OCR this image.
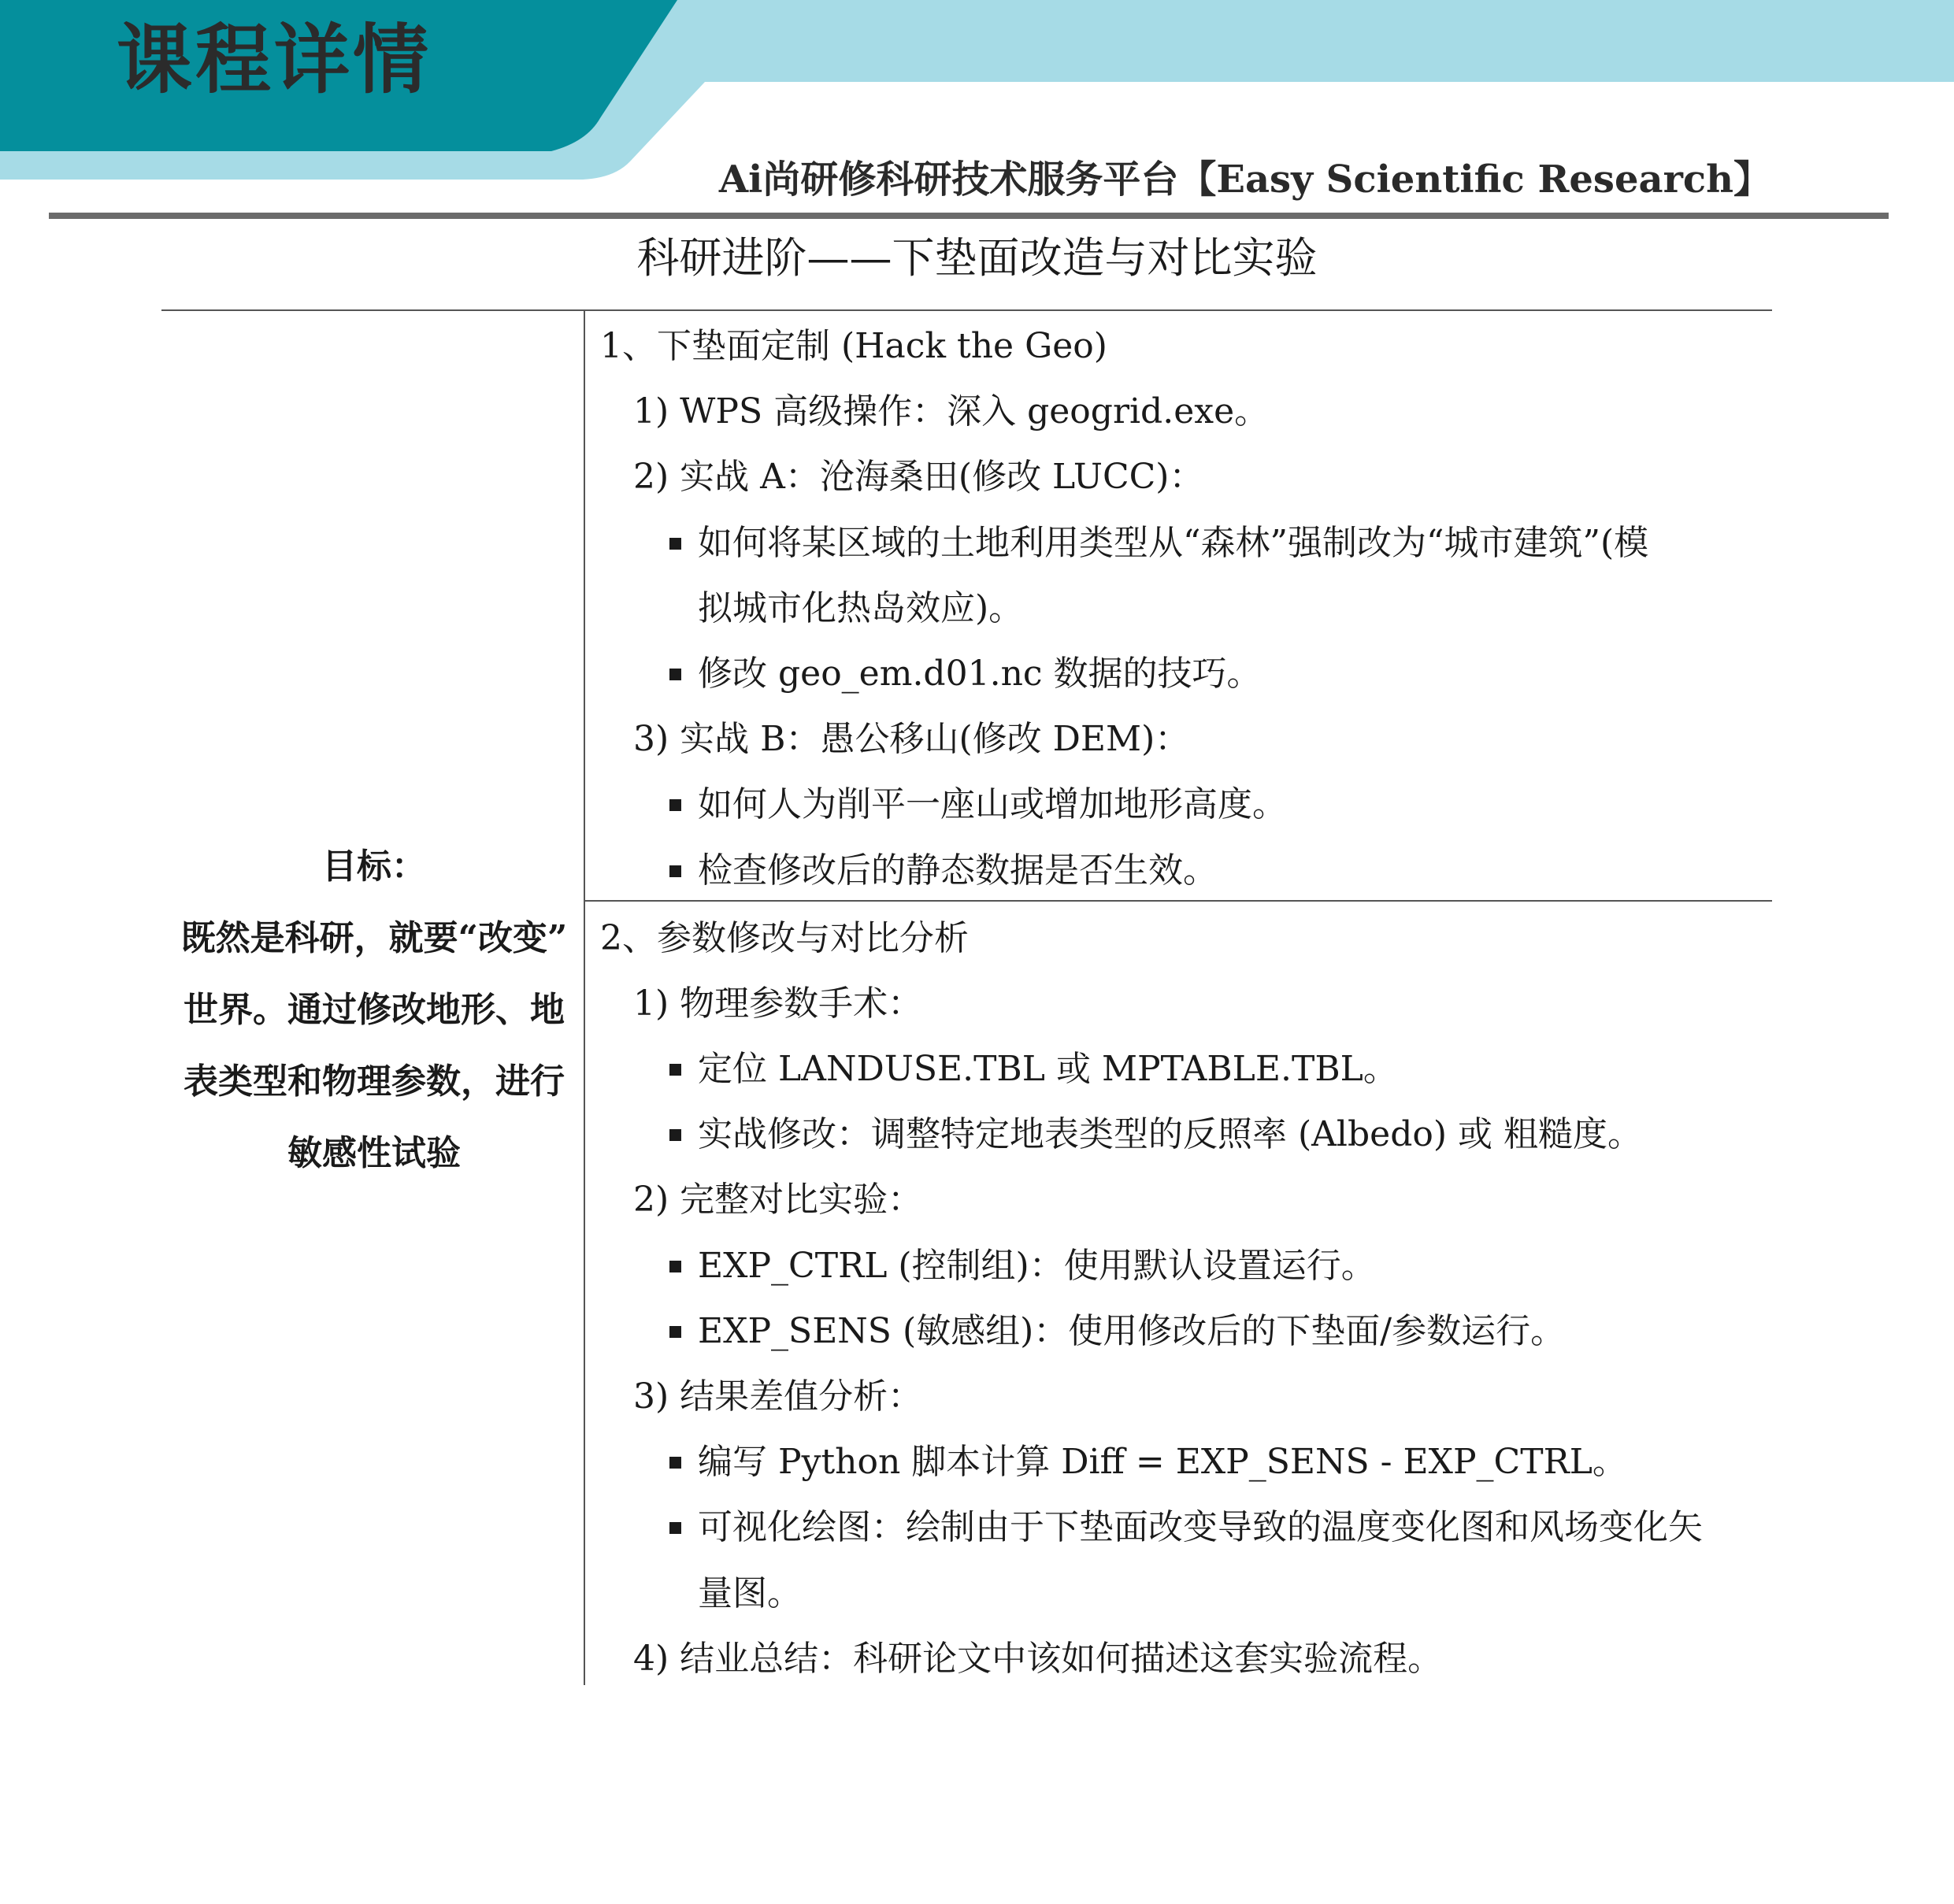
课程详情
Ai尚研修科研技术服务平台【Easy Scientific Research】
科研进阶——下垫面改造与对比实验

目标：

既然是科研，就要“改变”

世界。通过修改地形、地

表类型和物理参数，进行

敏感性试验

1、下垫面定制 (Hack the Geo)
1) WPS 高级操作：深入 geogrid.exe。
2) 实战 A：沧海桑田(修改 LUCC)：
如何将某区域的土地利用类型从“森林”强制改为“城市建筑”(模
拟城市化热岛效应)。
修改 geo_em.d01.nc 数据的技巧。
3) 实战 B：愚公移山(修改 DEM)：
如何人为削平一座山或增加地形高度。
检查修改后的静态数据是否生效。
2、参数修改与对比分析
1) 物理参数手术：
定位 LANDUSE.TBL 或 MPTABLE.TBL。
实战修改：调整特定地表类型的反照率 (Albedo) 或 粗糙度。
2) 完整对比实验：
EXP_CTRL (控制组)：使用默认设置运行。
EXP_SENS (敏感组)：使用修改后的下垫面/参数运行。
3) 结果差值分析：
编写 Python 脚本计算 Diff = EXP_SENS - EXP_CTRL。
可视化绘图：绘制由于下垫面改变导致的温度变化图和风场变化矢
量图。
4) 结业总结：科研论文中该如何描述这套实验流程。
